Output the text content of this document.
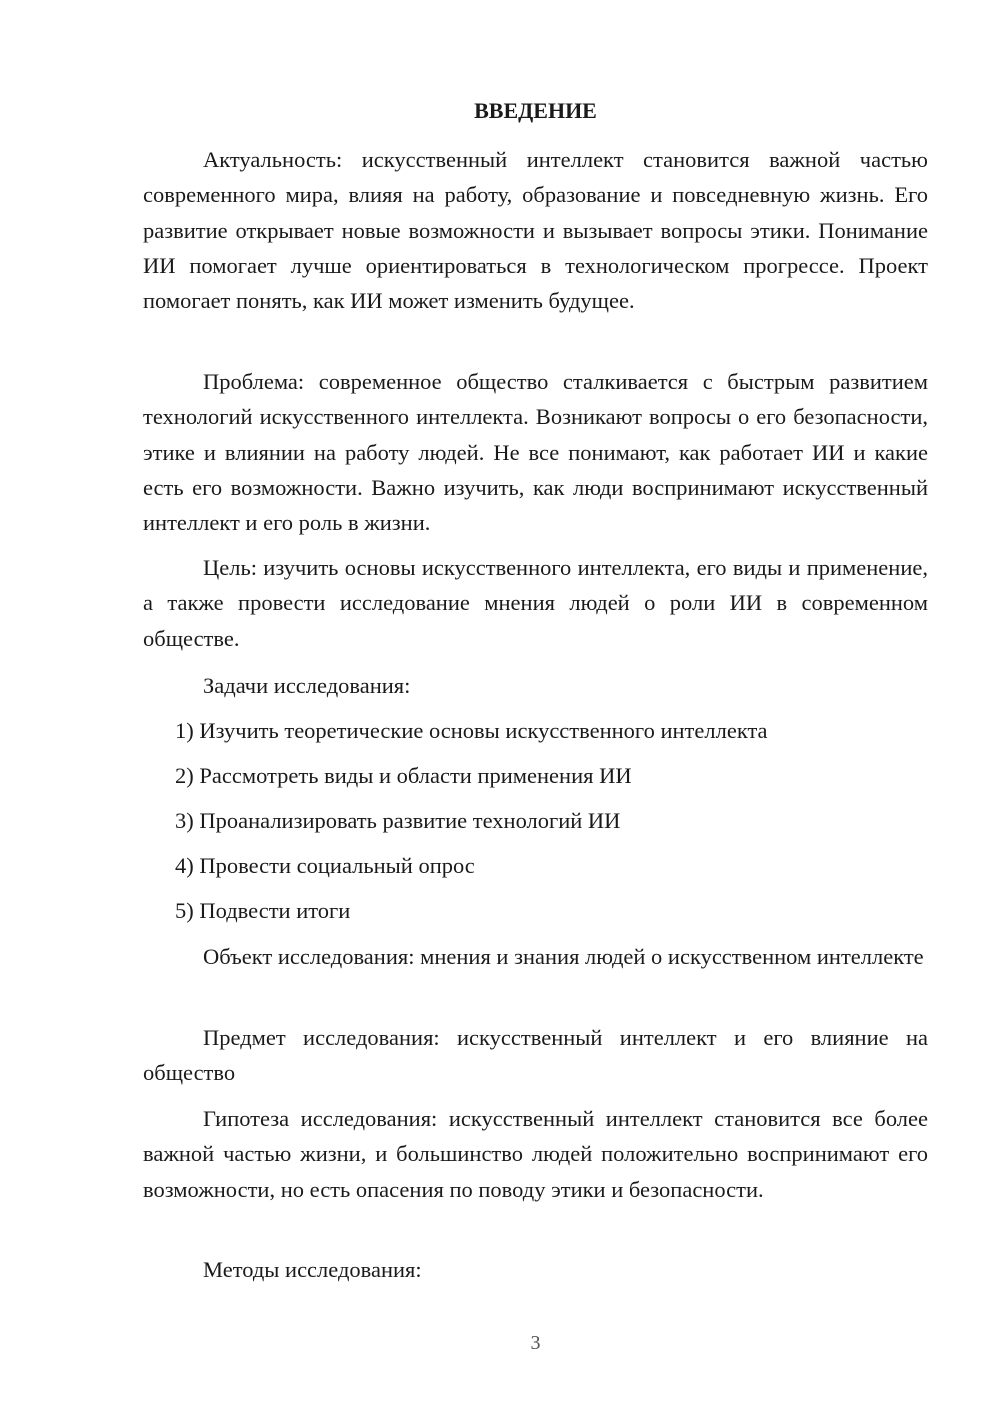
ВВЕДЕНИЕ

Актуальность: искусственный интеллект становится важной частью современного мира, влияя на работу, образование и повседневную жизнь. Его развитие открывает новые возможности и вызывает вопросы этики. Понимание ИИ помогает лучше ориентироваться в технологическом прогрессе. Проект помогает понять, как ИИ может изменить будущее.

Проблема: современное общество сталкивается с быстрым развитием технологий искусственного интеллекта. Возникают вопросы о его безопасности, этике и влиянии на работу людей. Не все понимают, как работает ИИ и какие есть его возможности. Важно изучить, как люди воспринимают искусственный интеллект и его роль в жизни.

Цель: изучить основы искусственного интеллекта, его виды и применение, а также провести исследование мнения людей о роли ИИ в современном обществе.

Задачи исследования:

1) Изучить теоретические основы искусственного интеллекта

2) Рассмотреть виды и области применения ИИ

3) Проанализировать развитие технологий ИИ

4) Провести социальный опрос

5) Подвести итоги

Объект исследования: мнения и знания людей о искусственном интеллекте

Предмет исследования: искусственный интеллект и его влияние на общество

Гипотеза исследования: искусственный интеллект становится все более важной частью жизни, и большинство людей положительно воспринимают его возможности, но есть опасения по поводу этики и безопасности.

Методы исследования:

3
